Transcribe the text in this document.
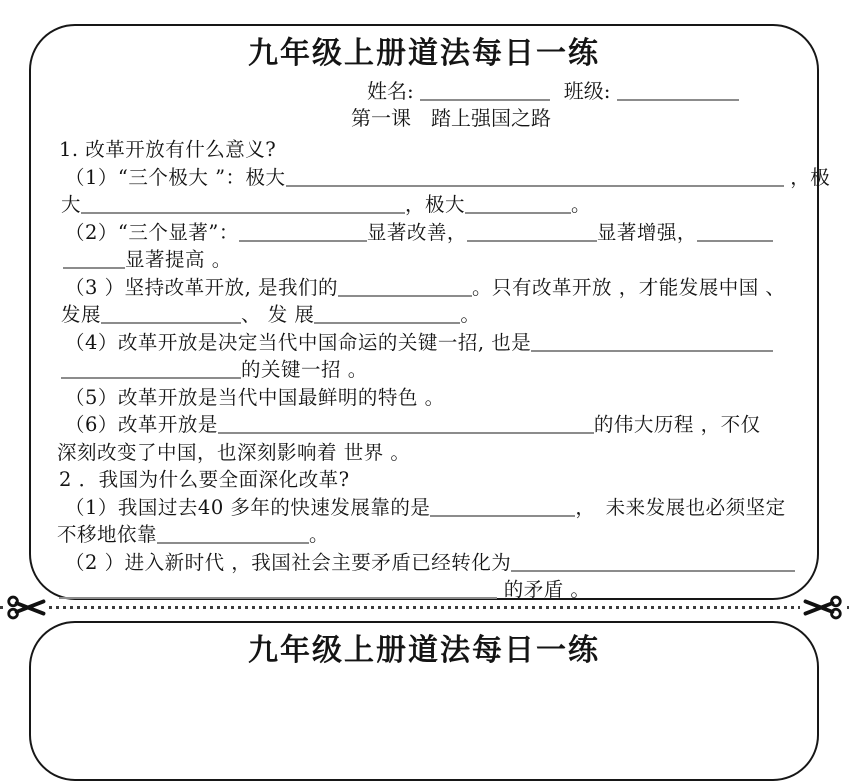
九年级上册道法每日一练
姓名:	班级:
第一课　踏上强国之路
1. 改革开放有什么意义?
（1）“三个极大 ”：极大	，极
大	，极大	。
（2）“三个显著”：	显著改善，	显著增强，
显著提高 。
（3 ）坚持改革开放, 是我们的	。只有改革开放 ，才能发展中国 、
发展	、 发 展	。
（4）改革开放是决定当代中国命运的关键一招, 也是
的关键一招 。
（5）改革开放是当代中国最鲜明的特色 。
（6）改革开放是	的伟大历程 ，不仅
深刻改变了中国，也深刻影响着 世界 。
2 ．我国为什么要全面深化改革?
（1）我国过去40 多年的快速发展靠的是	，　未来发展也必须坚定
不移地依靠	。
（2 ）进入新时代 ，我国社会主要矛盾已经转化为
的矛盾 。
九年级上册道法每日一练
